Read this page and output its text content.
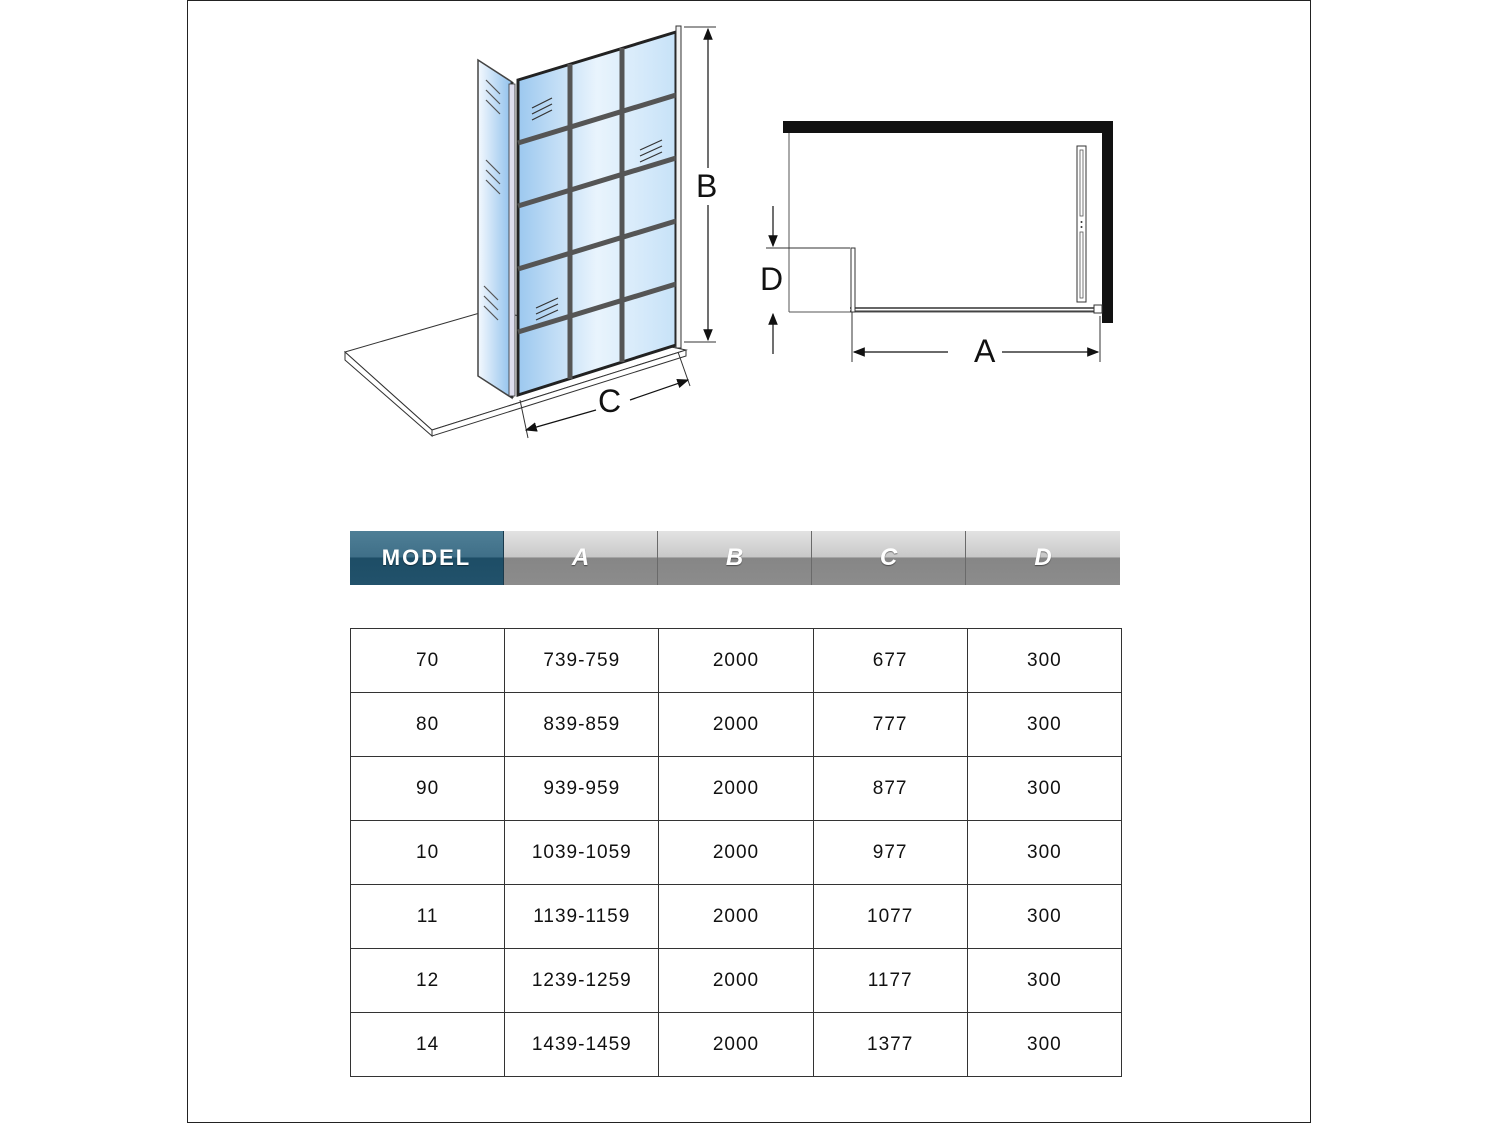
B
C
D
A
MODEL	A	B	C	D
70	739-759	2000	677	300
80	839-859	2000	777	300
90	939-959	2000	877	300
10	1039-1059	2000	977	300
11	1139-1159	2000	1077	300
12	1239-1259	2000	1177	300
14	1439-1459	2000	1377	300
